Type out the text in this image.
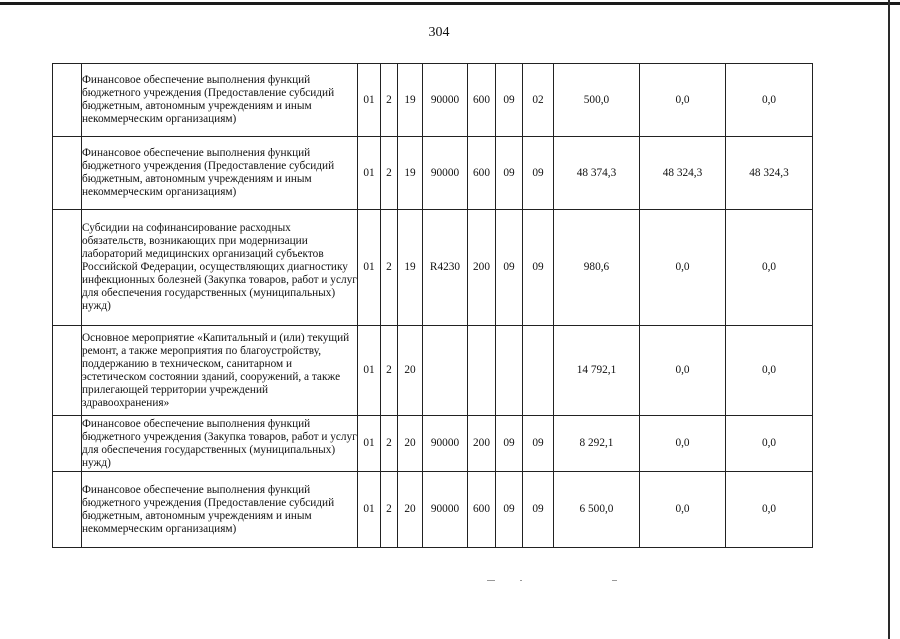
304
	Финансовое обеспечение выполнения функций бюджетного учреждения (Предоставление субсидий бюджетным, автономным учреждениям и иным некоммерческим организациям)	01	2	19	90000	600	09	02	500,0	0,0	0,0
	Финансовое обеспечение выполнения функций бюджетного учреждения (Предоставление субсидий бюджетным, автономным учреждениям и иным некоммерческим организациям)	01	2	19	90000	600	09	09	48 374,3	48 324,3	48 324,3
	Субсидии на софинансирование расходных обязательств, возникающих при модернизации лабораторий медицинских организаций субъектов Российской Федерации, осуществляющих диагностику инфекционных болезней (Закупка товаров, работ и услуг для обеспечения государственных (муниципальных) нужд)	01	2	19	R4230	200	09	09	980,6	0,0	0,0
	Основное мероприятие «Капитальный и (или) текущий ремонт, а также мероприятия по благоустройству, поддержанию в техническом, санитарном и эстетическом состоянии зданий, сооружений, а также прилегающей территории учреждений здравоохранения»	01	2	20					14 792,1	0,0	0,0
	Финансовое обеспечение выполнения функций бюджетного учреждения (Закупка товаров, работ и услуг для обеспечения государственных (муниципальных) нужд)	01	2	20	90000	200	09	09	8 292,1	0,0	0,0
	Финансовое обеспечение выполнения функций бюджетного учреждения (Предоставление субсидий бюджетным, автономным учреждениям и иным некоммерческим организациям)	01	2	20	90000	600	09	09	6 500,0	0,0	0,0
